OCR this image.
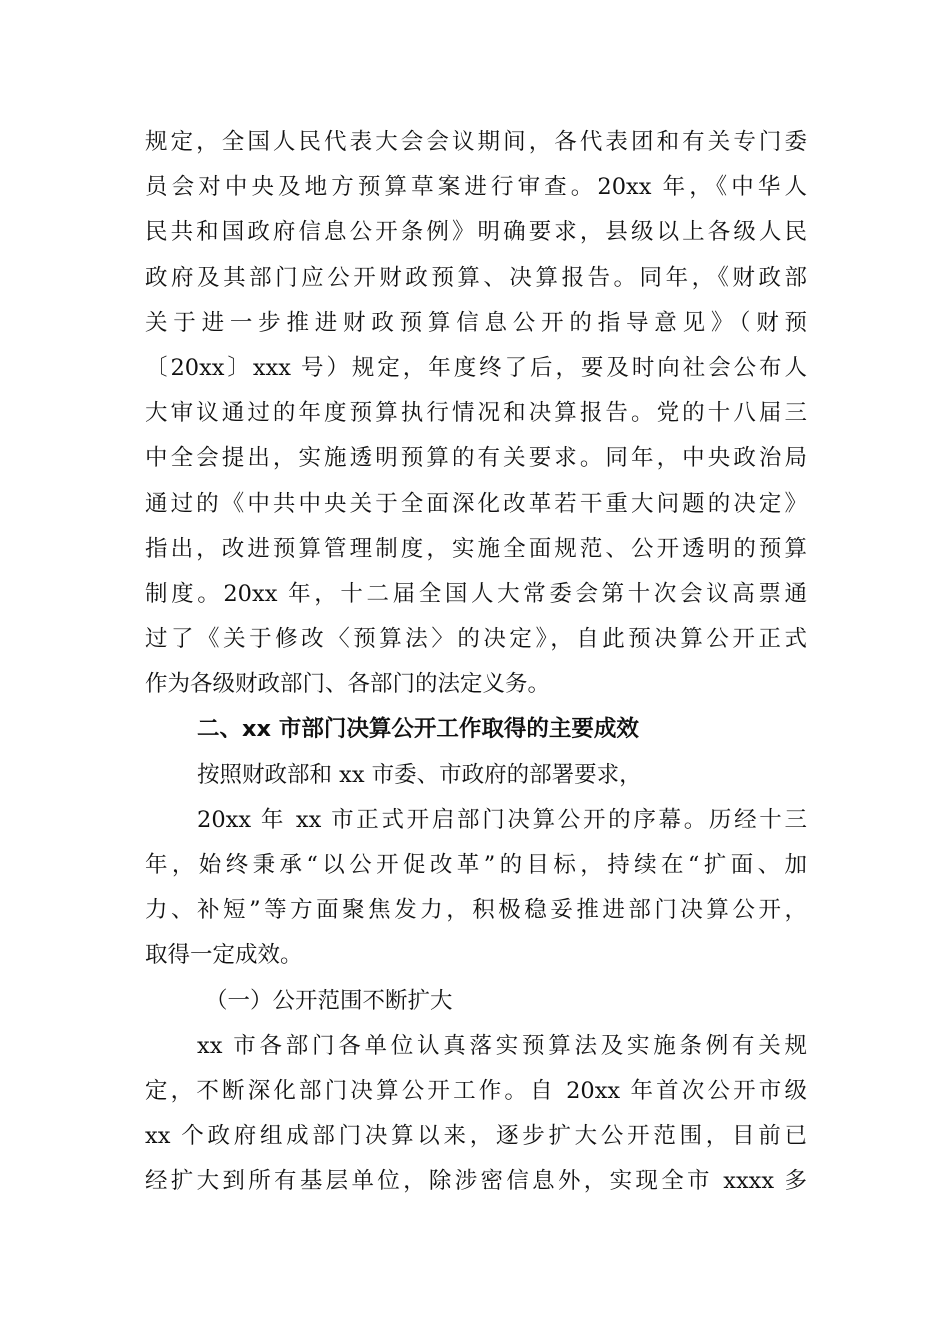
规定，全国人民代表大会会议期间，各代表团和有关专门委
员会对中央及地方预算草案进行审查。20xx 年，《中华人
民共和国政府信息公开条例》明确要求，县级以上各级人民
政府及其部门应公开财政预算、决算报告。同年，《财政部
关于进一步推进财政预算信息公开的指导意见》（财预
〔20xx〕xxx 号）规定，年度终了后，要及时向社会公布人
大审议通过的年度预算执行情况和决算报告。党的十八届三
中全会提出，实施透明预算的有关要求。同年，中央政治局
通过的《中共中央关于全面深化改革若干重大问题的决定》
指出，改进预算管理制度，实施全面规范、公开透明的预算
制度。20xx 年，十二届全国人大常委会第十次会议高票通
过了《关于修改〈预算法〉的决定》，自此预决算公开正式
作为各级财政部门、各部门的法定义务。
二、xx 市部门决算公开工作取得的主要成效
按照财政部和 xx 市委、市政府的部署要求，
20xx 年 xx 市正式开启部门决算公开的序幕。历经十三
年，始终秉承“以公开促改革”的目标，持续在“扩面、加
力、补短”等方面聚焦发力，积极稳妥推进部门决算公开，
取得一定成效。
（一）公开范围不断扩大
xx 市各部门各单位认真落实预算法及实施条例有关规
定，不断深化部门决算公开工作。自 20xx 年首次公开市级
xx 个政府组成部门决算以来，逐步扩大公开范围，目前已
经扩大到所有基层单位，除涉密信息外，实现全市 xxxx 多
